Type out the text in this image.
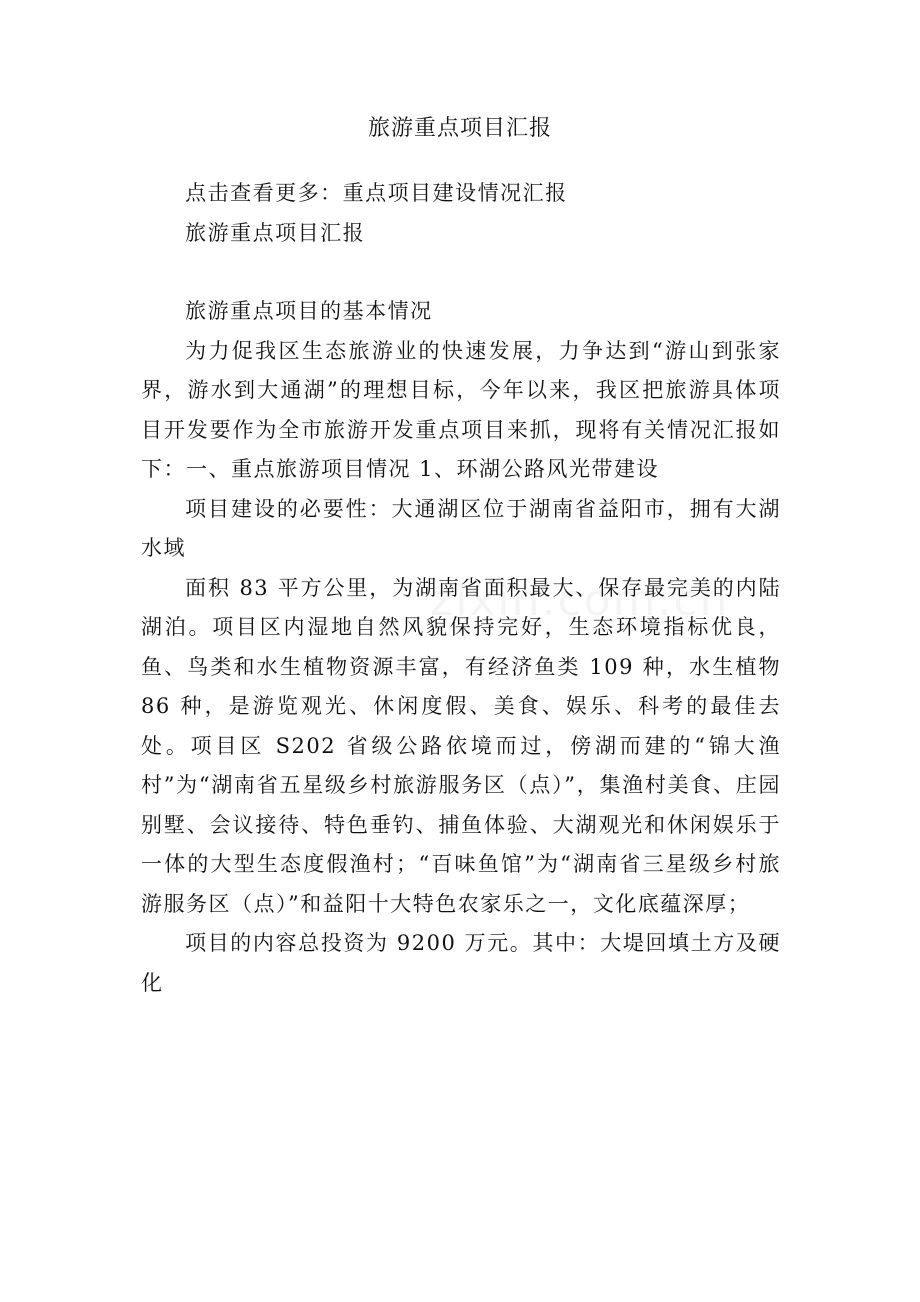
旅游重点项目汇报

点击查看更多：重点项目建设情况汇报

旅游重点项目汇报

旅游重点项目的基本情况

为力促我区生态旅游业的快速发展，力争达到“游山到张家界，游水到大通湖”的理想目标，今年以来，我区把旅游具体项目开发要作为全市旅游开发重点项目来抓，现将有关情况汇报如下：一、重点旅游项目情况 1、环湖公路风光带建设

项目建设的必要性：大通湖区位于湖南省益阳市，拥有大湖水域

面积 83 平方公里，为湖南省面积最大、保存最完美的内陆湖泊。项目区内湿地自然风貌保持完好，生态环境指标优良，鱼、鸟类和水生植物资源丰富，有经济鱼类 109 种，水生植物 86 种，是游览观光、休闲度假、美食、娱乐、科考的最佳去处。项目区 S202 省级公路依境而过，傍湖而建的“锦大渔村”为“湖南省五星级乡村旅游服务区（点）”，集渔村美食、庄园别墅、会议接待、特色垂钓、捕鱼体验、大湖观光和休闲娱乐于一体的大型生态度假渔村；“百味鱼馆”为“湖南省三星级乡村旅游服务区（点）”和益阳十大特色农家乐之一，文化底蕴深厚；

项目的内容总投资为 9200 万元。其中：大堤回填土方及硬化
